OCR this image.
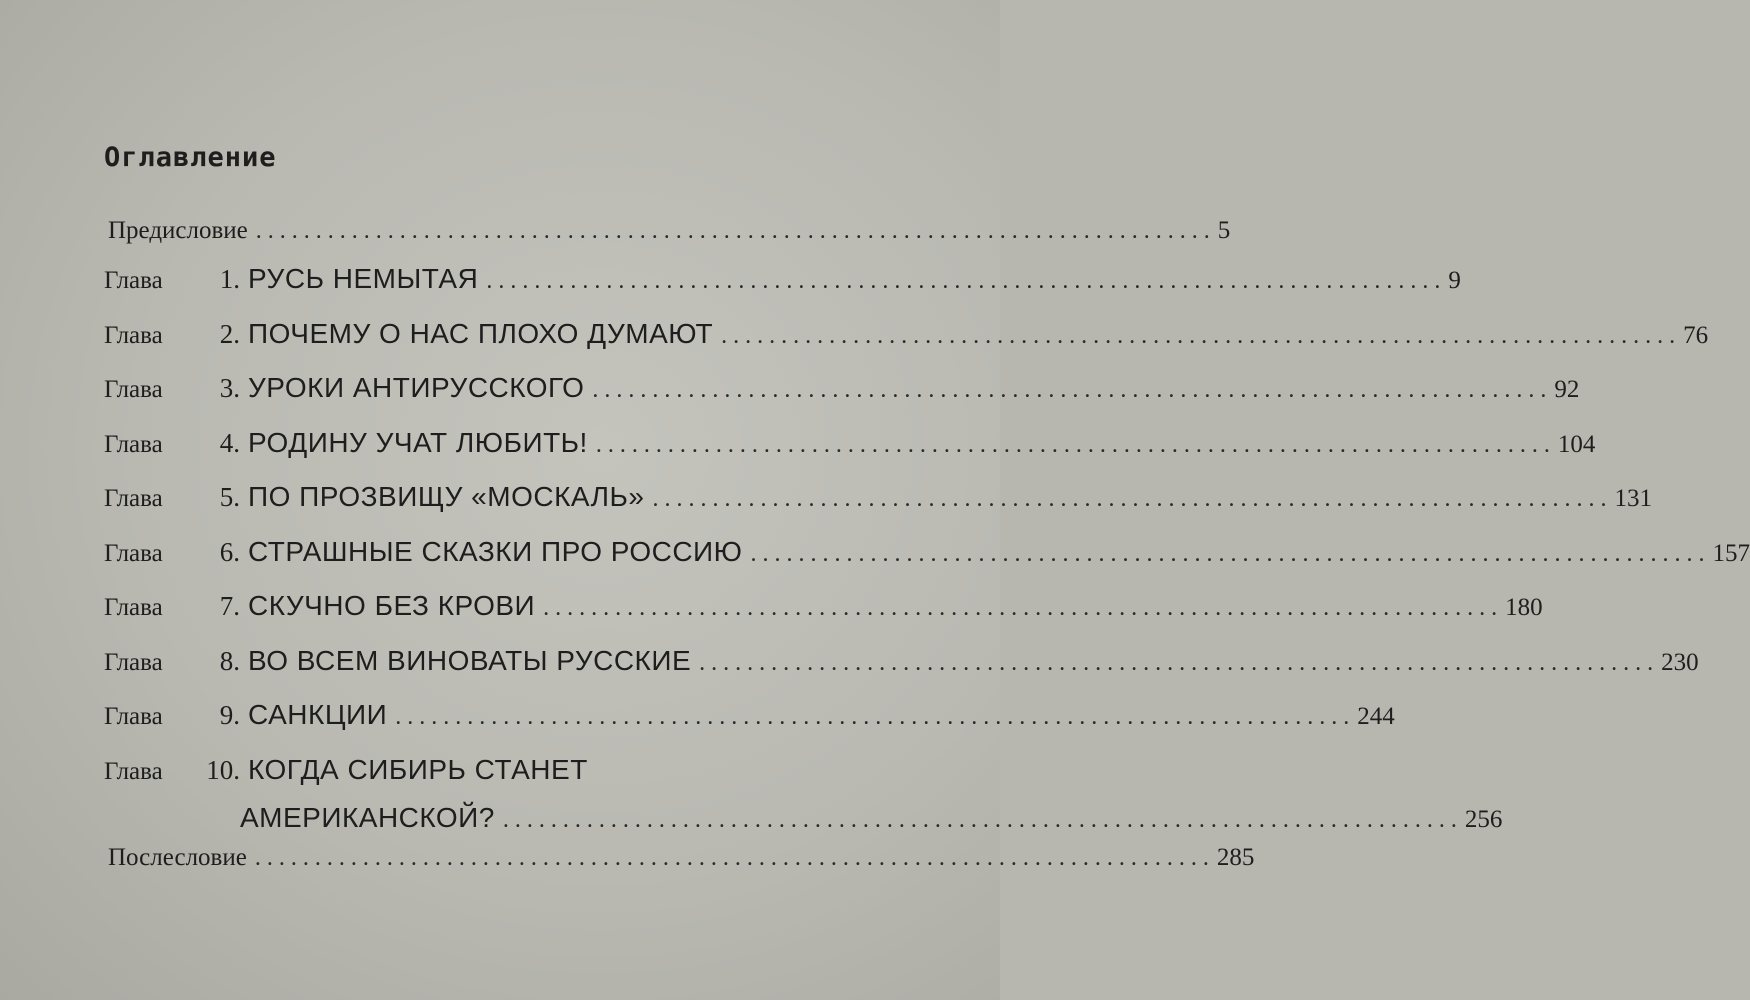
Оглавление
Предисловие . . .	5
Глава	1. РУСЬ НЕМЫТАЯ . . .	9
Глава	2. ПОЧЕМУ О НАС ПЛОХО ДУМАЮТ . . .	76
Глава	3. УРОКИ АНТИРУССКОГО . . .	92
Глава	4. РОДИНУ УЧАТ ЛЮБИТЬ! . . .	104
Глава	5. ПО ПРОЗВИЩУ «МОСКАЛЬ» . . .	131
Глава	6. СТРАШНЫЕ СКАЗКИ ПРО РОССИЮ . . .	157
Глава	7. СКУЧНО БЕЗ КРОВИ . . .	180
Глава	8. ВО ВСЕМ ВИНОВАТЫ РУССКИЕ . . .	230
Глава	9. САНКЦИИ . . .	244
Глава	10. КОГДА СИБИРЬ СТАНЕТ
АМЕРИКАНСКОЙ? . . .	256
Послесловие . . .	285
